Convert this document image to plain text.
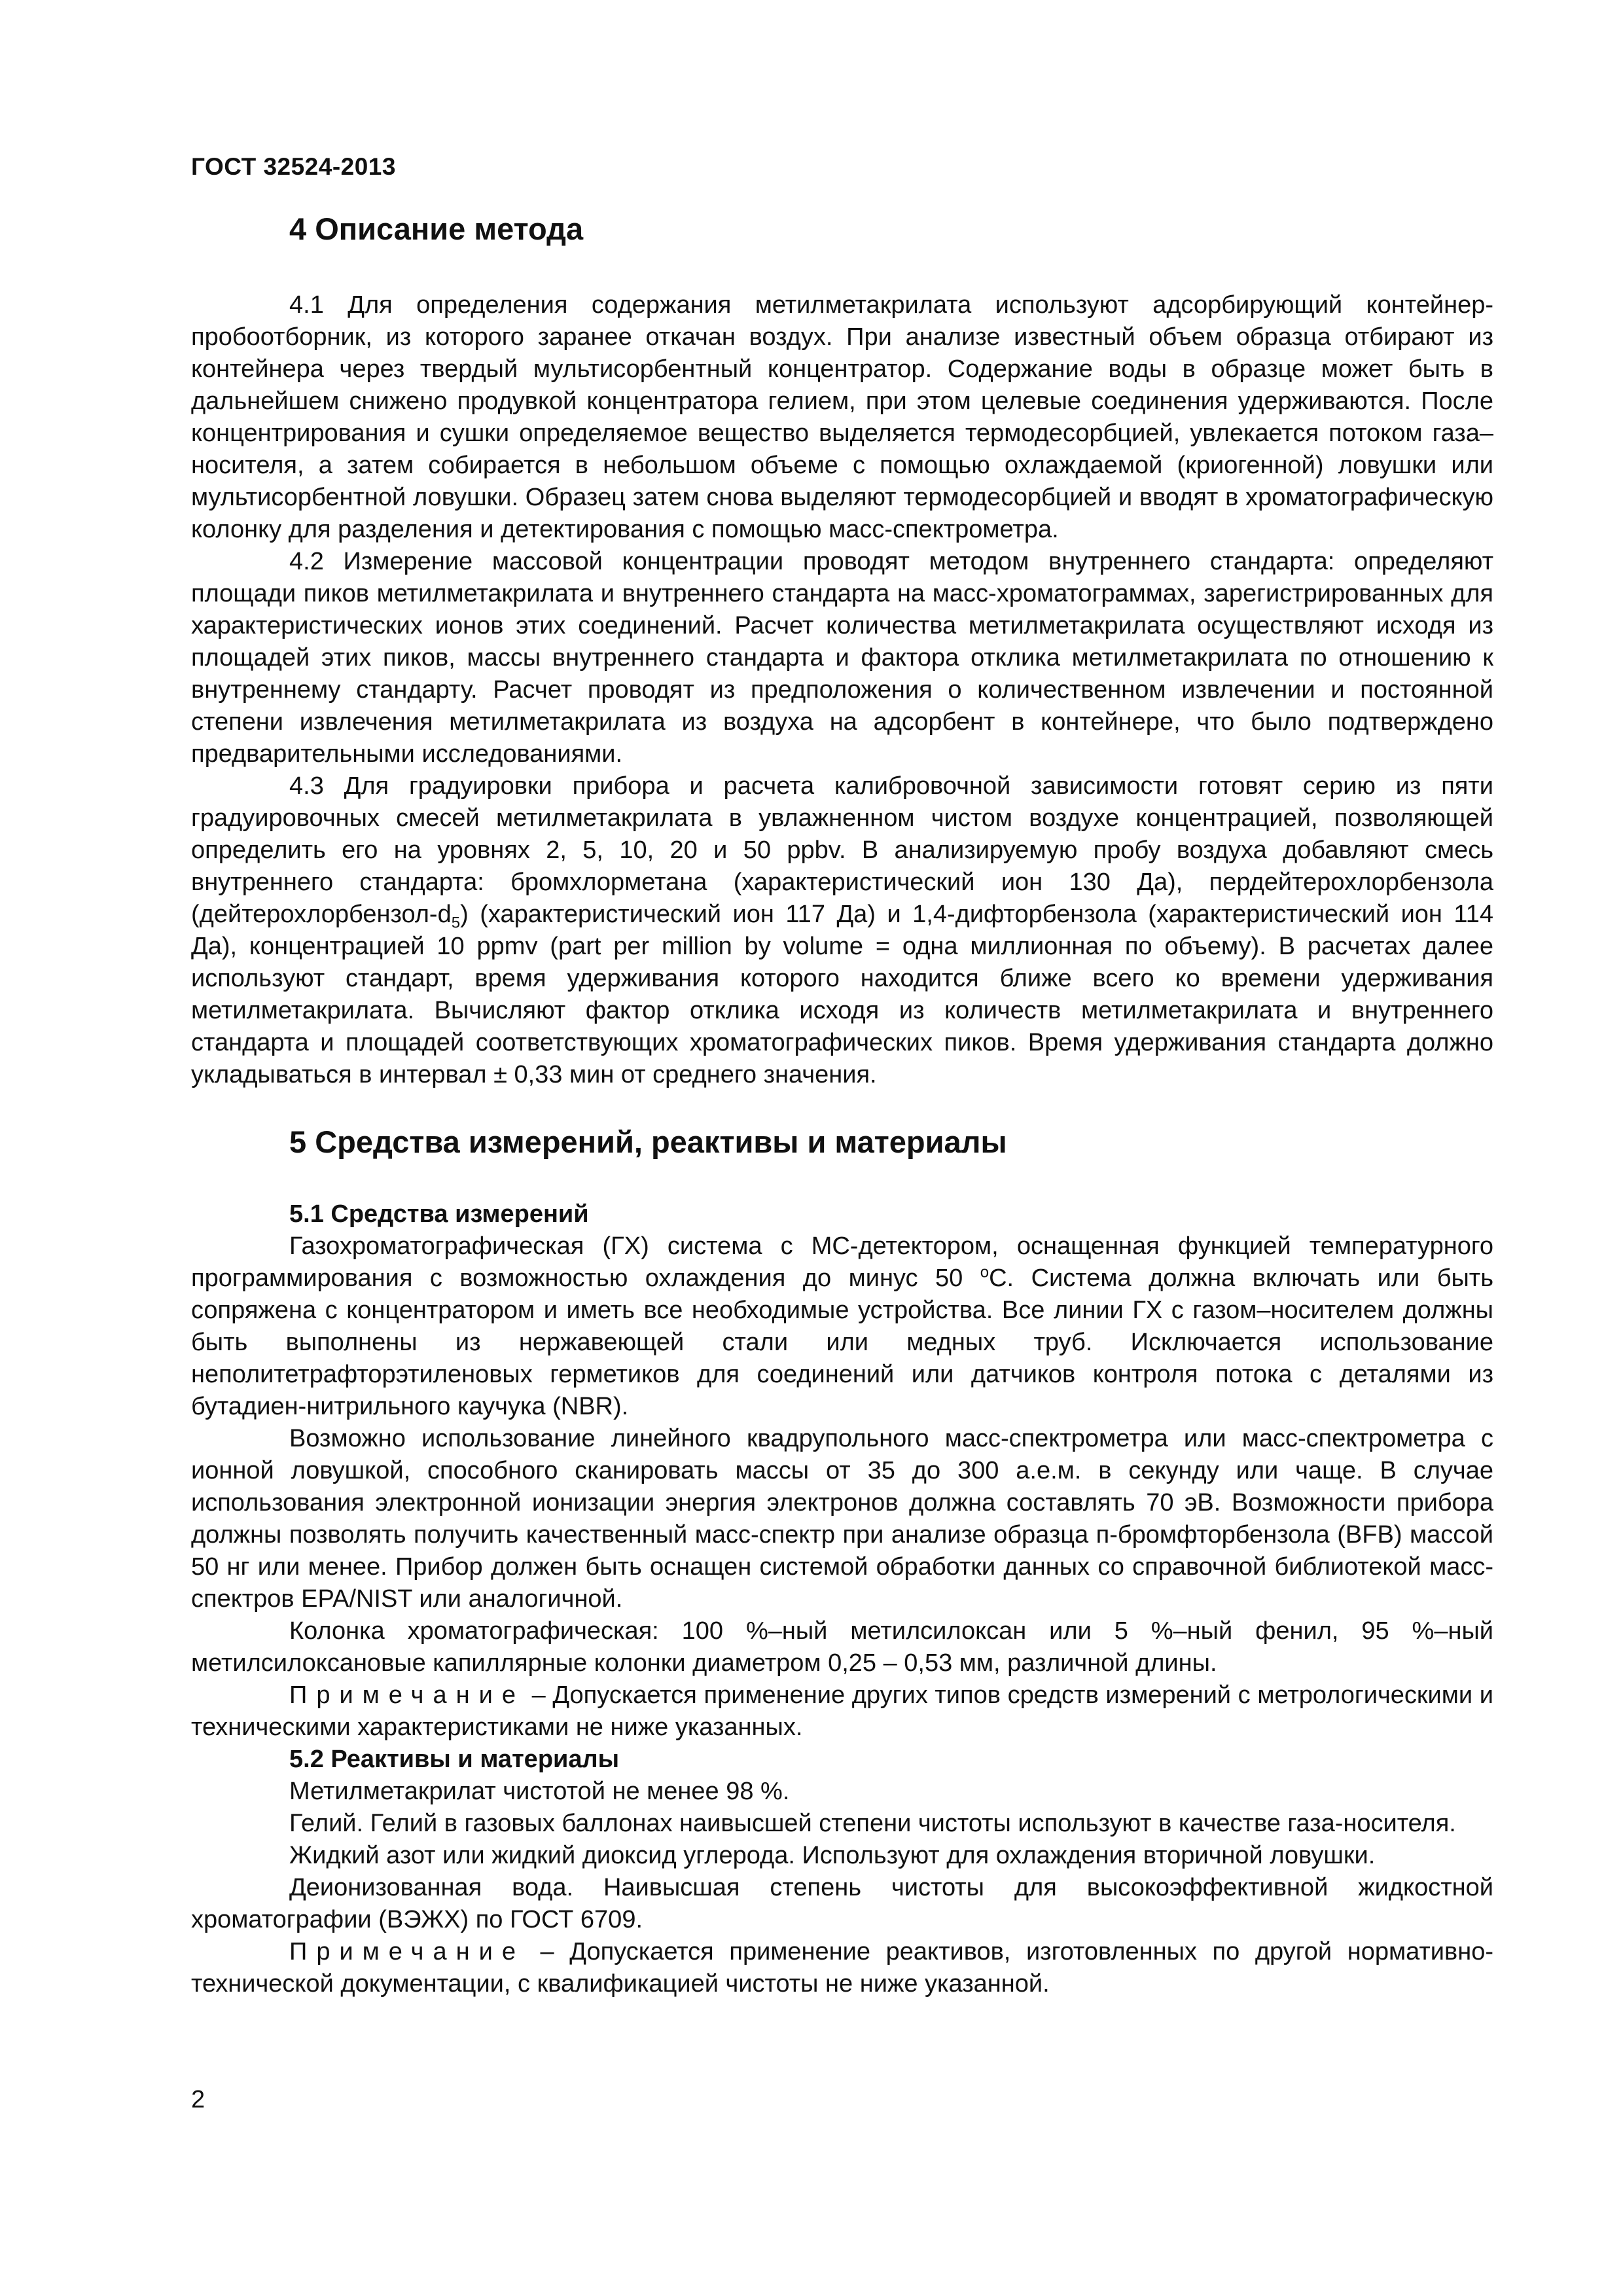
ГОСТ 32524-2013
4 Описание метода

4.1 Для определения содержания метилметакрилата используют адсорбирующий контейнер-пробоотборник, из которого заранее откачан воздух. При анализе известный объем образца отбирают из контейнера через твердый мультисорбентный концентратор. Содержание воды в образце может быть в дальнейшем снижено продувкой концентратора гелием, при этом целевые соединения удерживаются. После концентрирования и сушки определяемое вещество выделяется термодесорбцией, увлекается потоком газа–носителя, а затем собирается в небольшом объеме с помощью охлаждаемой (криогенной) ловушки или мультисорбентной ловушки. Образец затем снова выделяют термодесорбцией и вводят в хроматографическую колонку для разделения и детектирования с помощью масс-спектрометра.

4.2 Измерение массовой концентрации проводят методом внутреннего стандарта: определяют площади пиков метилметакрилата и внутреннего стандарта на масс-хроматограммах, зарегистрированных для характеристических ионов этих соединений. Расчет количества метилметакрилата осуществляют исходя из площадей этих пиков, массы внутреннего стандарта и фактора отклика метилметакрилата по отношению к внутреннему стандарту. Расчет проводят из предположения о количественном извлечении и постоянной степени извлечения метилметакрилата из воздуха на адсорбент в контейнере, что было подтверждено предварительными исследованиями.

4.3 Для градуировки прибора и расчета калибровочной зависимости готовят серию из пяти градуировочных смесей метилметакрилата в увлажненном чистом воздухе концентрацией, позволяющей определить его на уровнях 2, 5, 10, 20 и 50 ppbv. В анализируемую пробу воздуха добавляют смесь внутреннего стандарта: бромхлорметана (характеристический ион 130 Да), пердейтерохлорбензола $(дейтерохлорбензол-d_5)$ (характеристический ион 117 Да) и 1,4-дифторбензола (характеристический ион 114 Да), концентрацией 10 ppmv (part per million by volume = одна миллионная по объему). В расчетах далее используют стандарт, время удерживания которого находится ближе всего ко времени удерживания метилметакрилата. Вычисляют фактор отклика исходя из количеств метилметакрилата и внутреннего стандарта и площадей соответствующих хроматографических пиков. Время удерживания стандарта должно укладываться в интервал ± 0,33 мин от среднего значения.

5 Средства измерений, реактивы и материалы
5.1 Средства измерений

Газохроматографическая (ГХ) система с МС-детектором, оснащенная функцией температурного программирования с возможностью охлаждения до минус 50 $^о$С. Система должна включать или быть сопряжена с концентратором и иметь все необходимые устройства. Все линии ГХ с газом–носителем должны быть выполнены из нержавеющей стали или медных труб. Исключается использование неполитетрафторэтиленовых герметиков для соединений или датчиков контроля потока с деталями из бутадиен-нитрильного каучука (NBR).

Возможно использование линейного квадрупольного масс-спектрометра или масс-спектрометра с ионной ловушкой, способного сканировать массы от 35 до 300 а.е.м. в секунду или чаще. В случае использования электронной ионизации энергия электронов должна составлять 70 эВ. Возможности прибора должны позволять получить качественный масс-спектр при анализе образца п-бромфторбензола (BFB) массой 50 нг или менее. Прибор должен быть оснащен системой обработки данных со справочной библиотекой масс-спектров EPA/NIST или аналогичной.

Колонка хроматографическая: 100 %–ный метилсилоксан или 5 %–ный фенил, 95 %–ный метилсилоксановые капиллярные колонки диаметром 0,25 – 0,53 мм, различной длины.

Примечание – Допускается применение других типов средств измерений с метрологическими и техническими характеристиками не ниже указанных.

5.2 Реактивы и материалы

Метилметакрилат чистотой не менее 98 %.

Гелий. Гелий в газовых баллонах наивысшей степени чистоты используют в качестве газа-носителя.

Жидкий азот или жидкий диоксид углерода. Используют для охлаждения вторичной ловушки.

Деионизованная вода. Наивысшая степень чистоты для высокоэффективной жидкостной хроматографии (ВЭЖХ) по ГОСТ 6709.

Примечание – Допускается применение реактивов, изготовленных по другой нормативно-технической документации, с квалификацией чистоты не ниже указанной.

2
